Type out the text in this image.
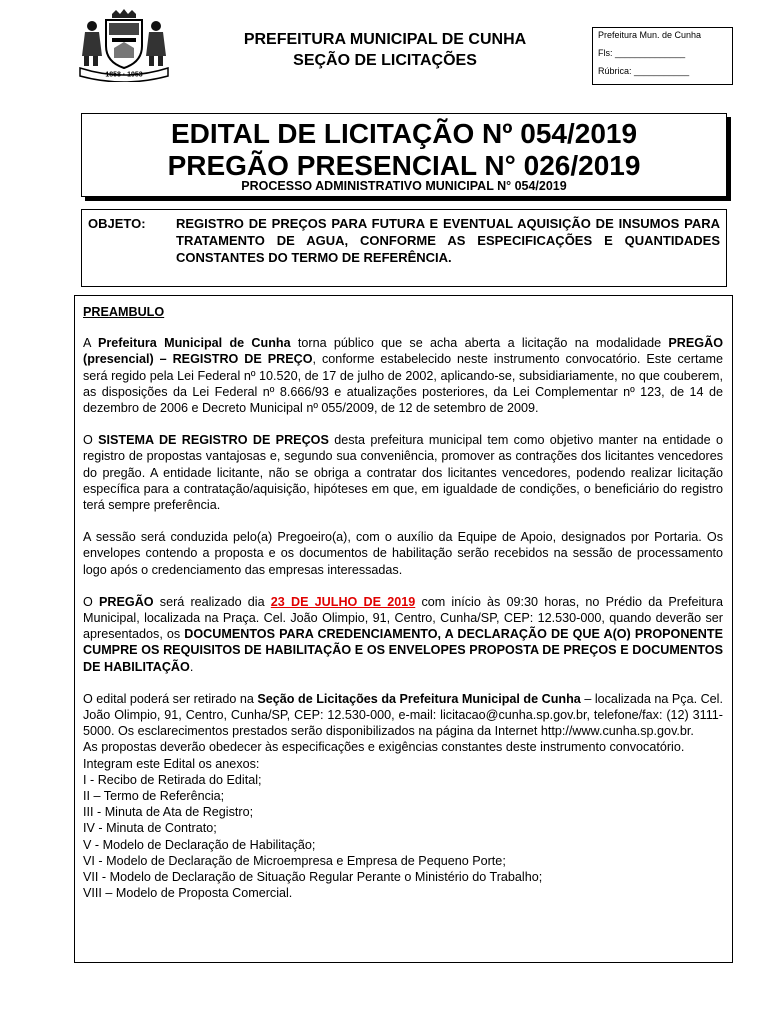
1858 · 1953
PREFEITURA MUNICIPAL DE CUNHA
SEÇÃO DE LICITAÇÕES
Prefeitura Mun. de Cunha
Fls: ______________
Rúbrica: ___________
EDITAL DE LICITAÇÃO Nº 054/2019
PREGÃO PRESENCIAL N° 026/2019
PROCESSO ADMINISTRATIVO MUNICIPAL N° 054/2019
OBJETO: REGISTRO DE PREÇOS PARA FUTURA E EVENTUAL AQUISIÇÃO DE INSUMOS PARA TRATAMENTO DE AGUA, CONFORME AS ESPECIFICAÇÕES E QUANTIDADES CONSTANTES DO TERMO DE REFERÊNCIA.

PREAMBULO

A Prefeitura Municipal de Cunha torna público que se acha aberta a licitação na modalidade PREGÃO (presencial) – REGISTRO DE PREÇO, conforme estabelecido neste instrumento convocatório. Este certame será regido pela Lei Federal nº 10.520, de 17 de julho de 2002, aplicando-se, subsidiariamente, no que couberem, as disposições da Lei Federal nº 8.666/93 e atualizações posteriores, da Lei Complementar nº 123, de 14 de dezembro de 2006 e Decreto Municipal nº 055/2009, de 12 de setembro de 2009.

O SISTEMA DE REGISTRO DE PREÇOS desta prefeitura municipal tem como objetivo manter na entidade o registro de propostas vantajosas e, segundo sua conveniência, promover as contrações dos licitantes vencedores do pregão. A entidade licitante, não se obriga a contratar dos licitantes vencedores, podendo realizar licitação específica para a contratação/aquisição, hipóteses em que, em igualdade de condições, o beneficiário do registro terá sempre preferência.

A sessão será conduzida pelo(a) Pregoeiro(a), com o auxílio da Equipe de Apoio, designados por Portaria. Os envelopes contendo a proposta e os documentos de habilitação serão recebidos na sessão de processamento logo após o credenciamento das empresas interessadas.

O PREGÃO será realizado dia 23 DE JULHO DE 2019 com início às 09:30 horas, no Prédio da Prefeitura Municipal, localizada na Praça. Cel. João Olimpio, 91, Centro, Cunha/SP, CEP: 12.530-000, quando deverão ser apresentados, os DOCUMENTOS PARA CREDENCIAMENTO, A DECLARAÇÃO DE QUE A(O) PROPONENTE CUMPRE OS REQUISITOS DE HABILITAÇÃO E OS ENVELOPES PROPOSTA DE PREÇOS E DOCUMENTOS DE HABILITAÇÃO.

O edital poderá ser retirado na Seção de Licitações da Prefeitura Municipal de Cunha – localizada na Pça. Cel. João Olimpio, 91, Centro, Cunha/SP, CEP: 12.530-000, e-mail: licitacao@cunha.sp.gov.br, telefone/fax: (12) 3111-5000. Os esclarecimentos prestados serão disponibilizados na página da Internet http://www.cunha.sp.gov.br.

As propostas deverão obedecer às especificações e exigências constantes deste instrumento convocatório.

Integram este Edital os anexos:

I - Recibo de Retirada do Edital;
II – Termo de Referência;
III - Minuta de Ata de Registro;
IV - Minuta de Contrato;
V - Modelo de Declaração de Habilitação;
VI - Modelo de Declaração de Microempresa e Empresa de Pequeno Porte;
VII - Modelo de Declaração de Situação Regular Perante o Ministério do Trabalho;
VIII – Modelo de Proposta Comercial.
